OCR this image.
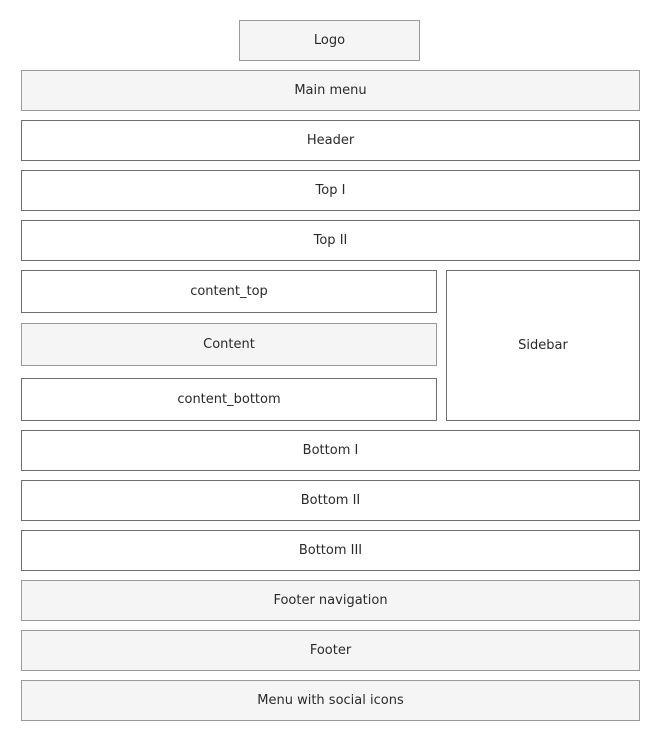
Logo
Main menu
Header
Top I
Top II
content_top
Content
content_bottom
Sidebar
Bottom I
Bottom II
Bottom III
Footer navigation
Footer
Menu with social icons
